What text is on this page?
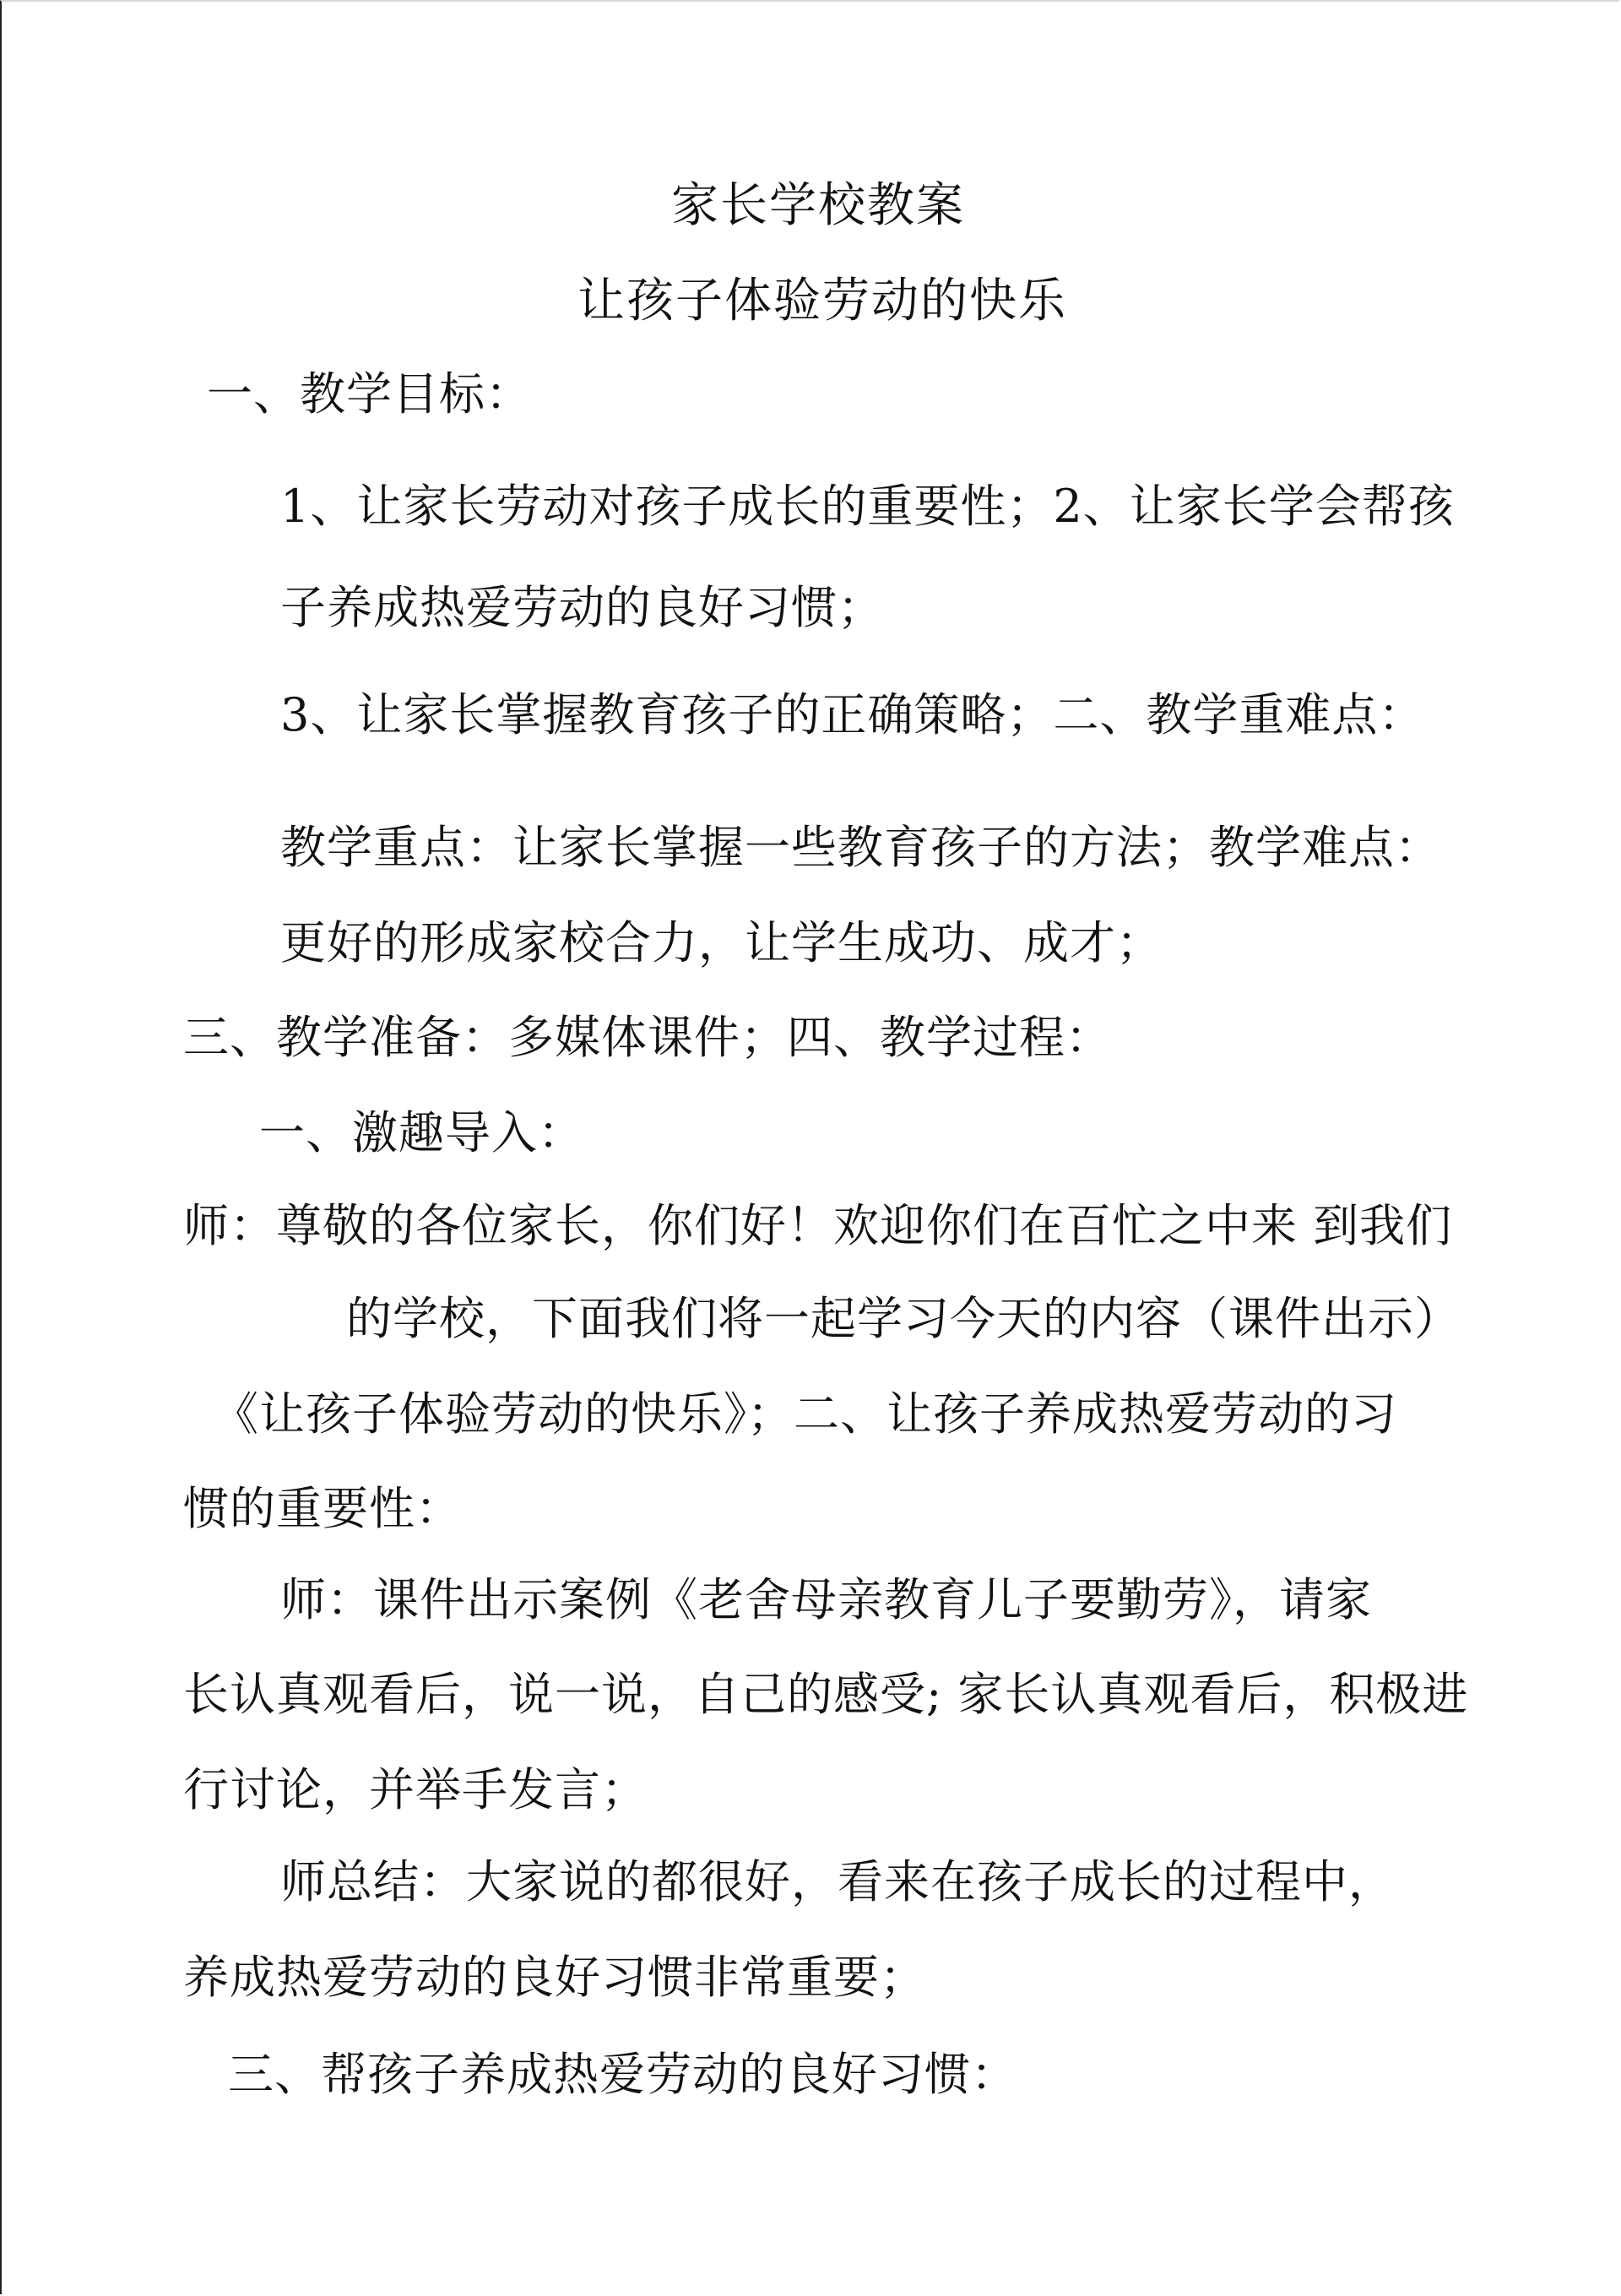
家长学校教案
让孩子体验劳动的快乐
一、教学目标：
1、让家长劳动对孩子成长的重要性；2、让家长学会帮孩
子养成热爱劳动的良好习惯；
3、让家长掌握教育孩子的正确策略；二、教学重难点：
教学重点：让家长掌握一些教育孩子的方法；教学难点：
更好的形成家校合力，让学生成功、成才；
三、教学准备：多媒体课件；四、教学过程：
一、激趣导入：
师：尊敬的各位家长，你们好！欢迎你们在百忙之中来 到我们
的学校，下面我们将一起学习今天的内容（课件出示）
《让孩子体验劳动的快乐》；二、让孩子养成热爱劳动的习
惯的重要性：
师：课件出示案例《老舍母亲教育儿子要勤劳》，请家
长认真观看后，说一说，自己的感受; 家长认真观看后，积极进
行讨论，并举手发言；
师总结：大家说的都很好，看来在孩子成长的过程中，
养成热爱劳动的良好习惯非常重要；
三、帮孩子养成热爱劳动的良好习惯：
